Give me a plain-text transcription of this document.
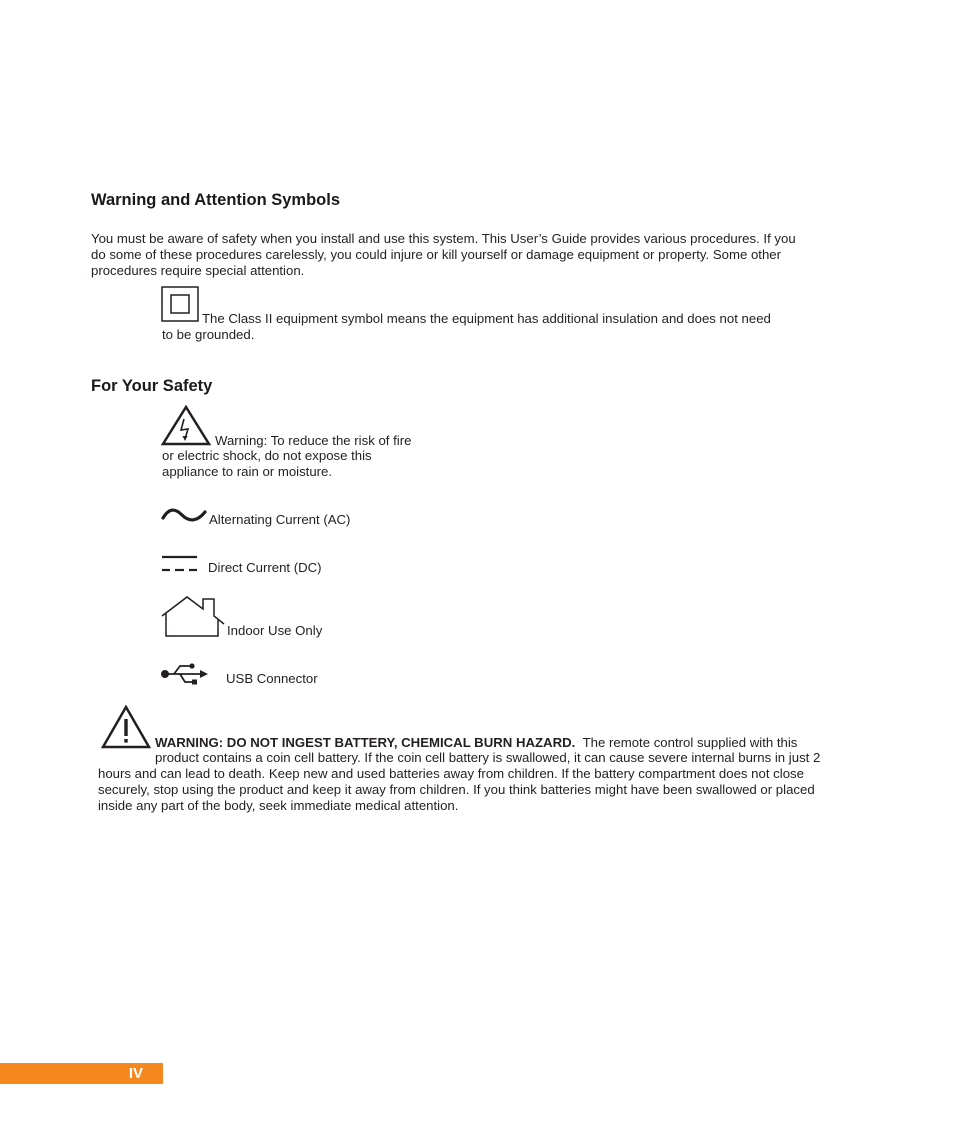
Warning and Attention Symbols
You must be aware of safety when you install and use this system. This User’s Guide provides various procedures. If you
do some of these procedures carelessly, you could injure or kill yourself or damage equipment or property. Some other
procedures require special attention.
The Class II equipment symbol means the equipment has additional insulation and does not need
to be grounded.
For Your Safety
Warning: To reduce the risk of fire
or electric shock, do not expose this
appliance to rain or moisture.
Alternating Current (AC)
Direct Current (DC)
Indoor Use Only
USB Connector
WARNING: DO NOT INGEST BATTERY, CHEMICAL BURN HAZARD. The remote control supplied with this
product contains a coin cell battery. If the coin cell battery is swallowed, it can cause severe internal burns in just 2
hours and can lead to death. Keep new and used batteries away from children. If the battery compartment does not close
securely, stop using the product and keep it away from children. If you think batteries might have been swallowed or placed
inside any part of the body, seek immediate medical attention.
IV
